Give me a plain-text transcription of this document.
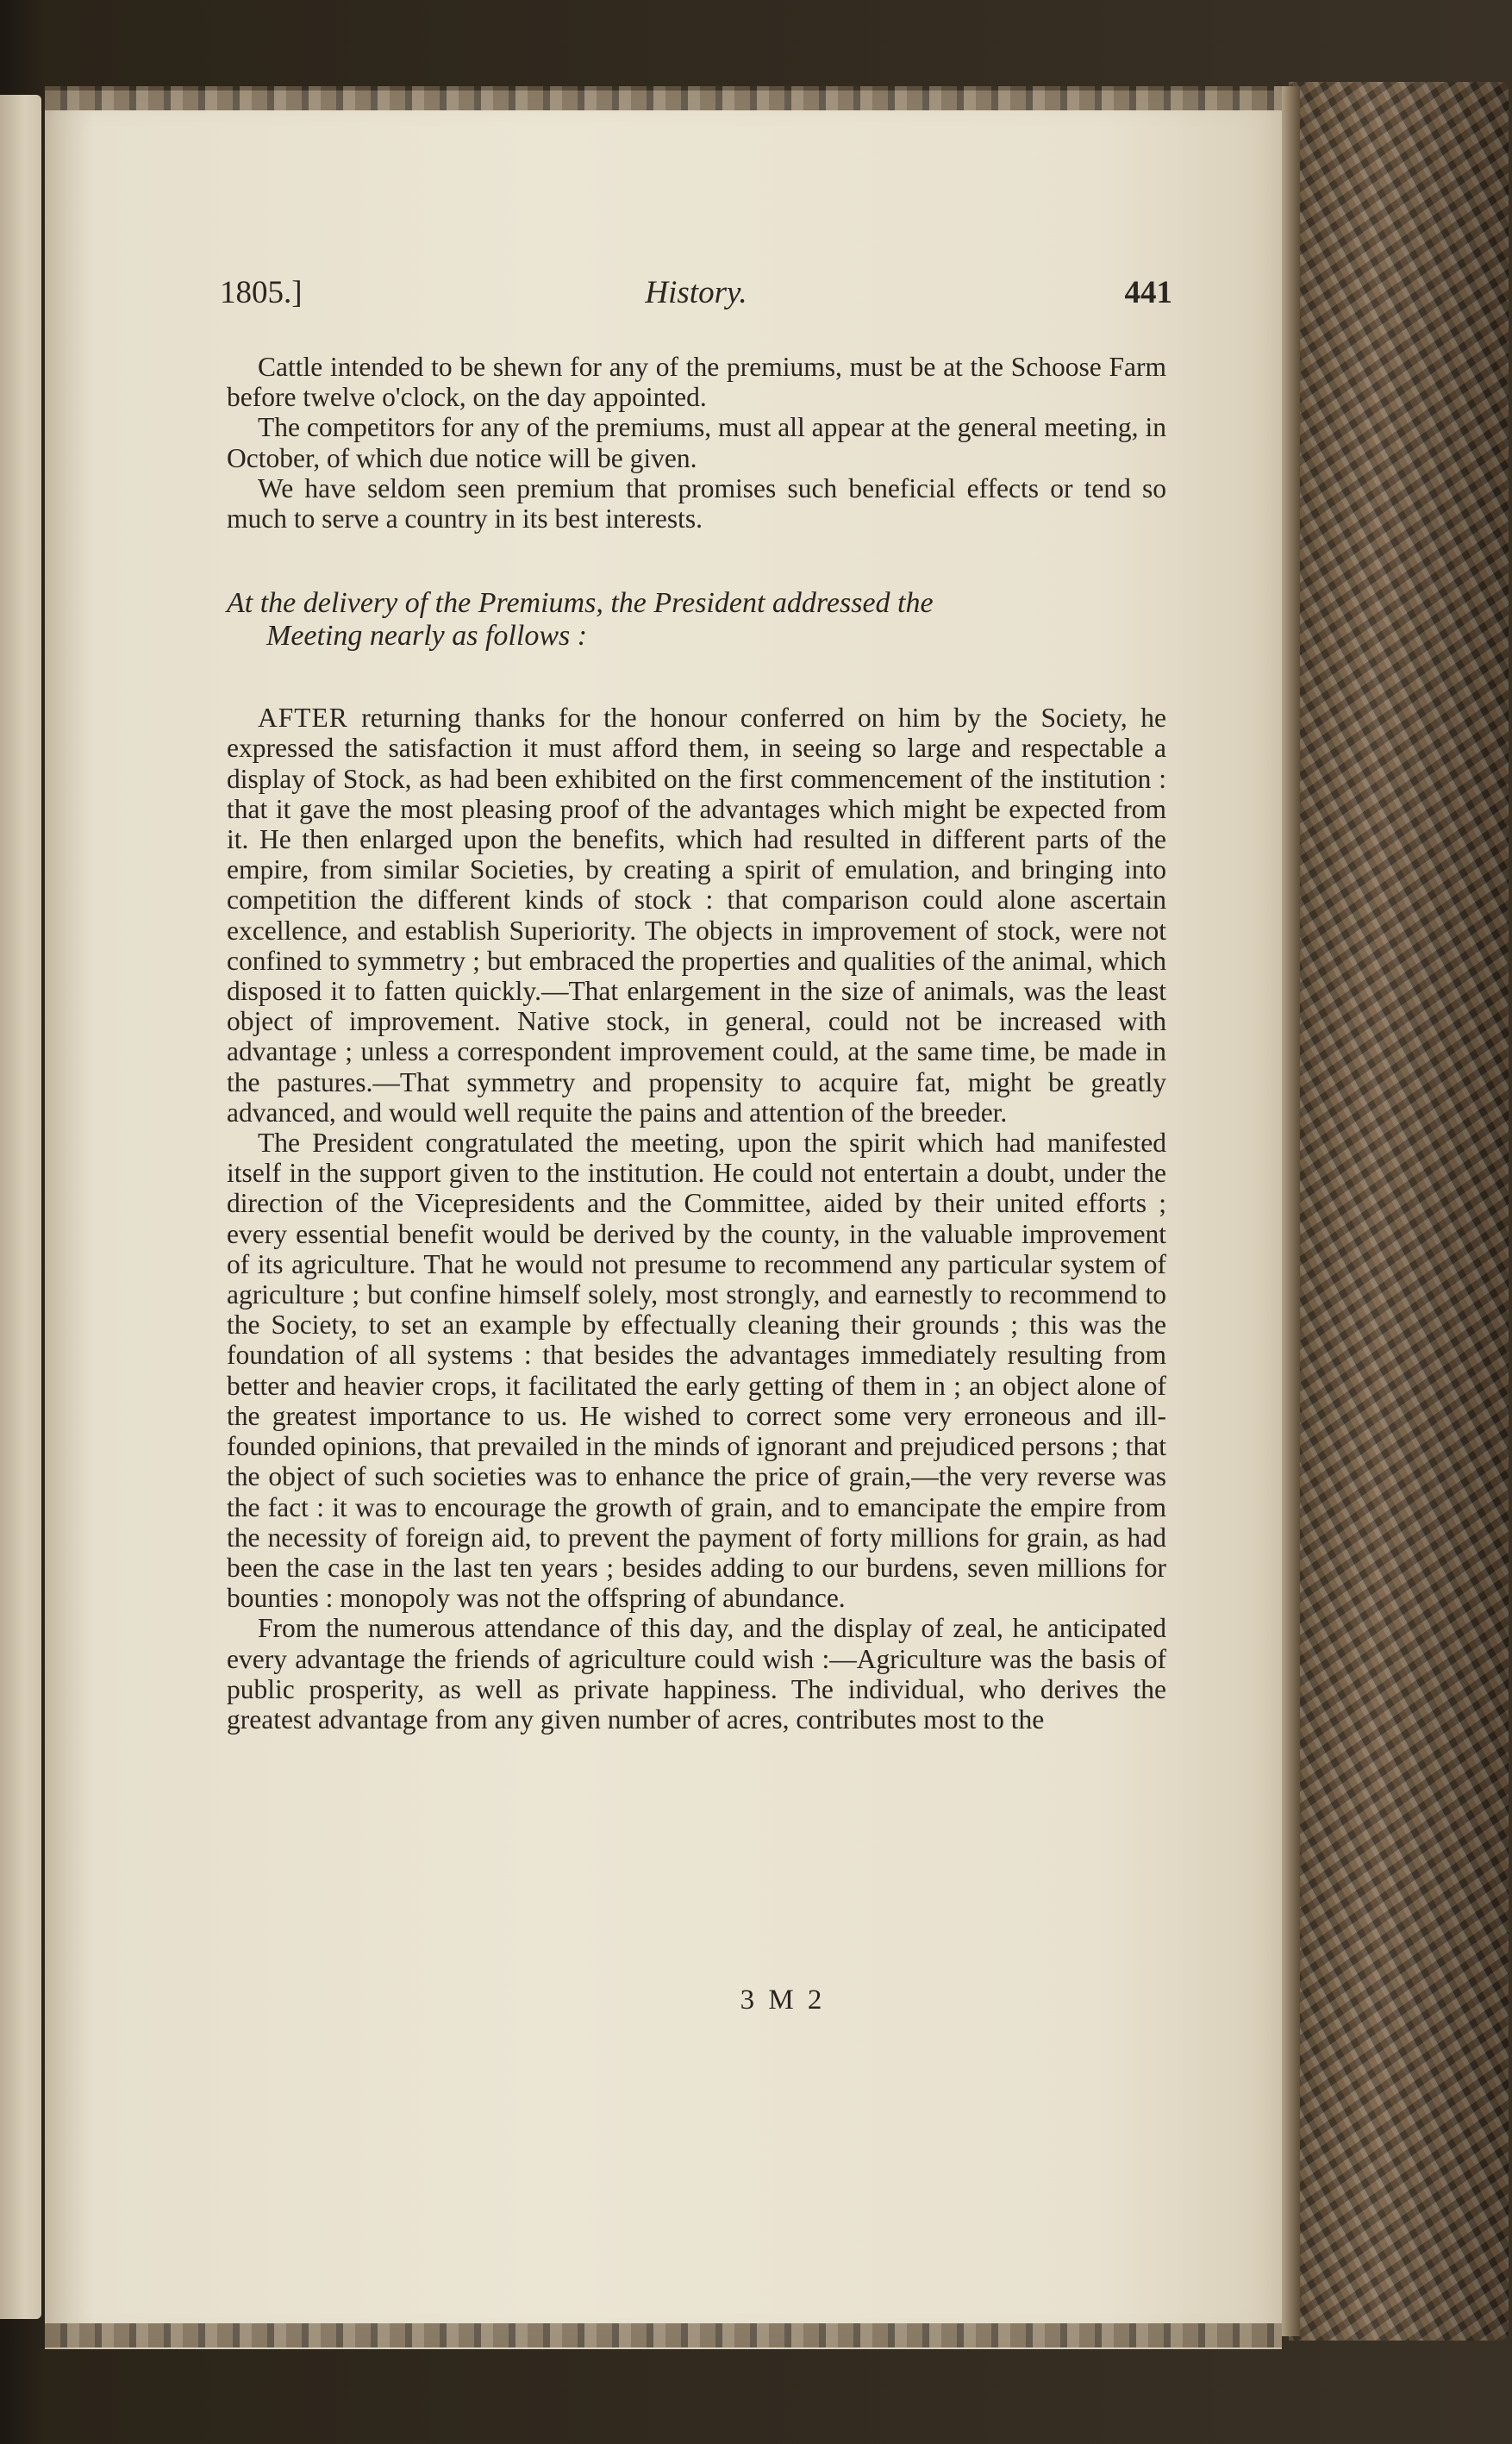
1805.]	History.	441

Cattle intended to be shewn for any of the premiums, must be at the Schoose Farm before twelve o'clock, on the day appointed.

The competitors for any of the premiums, must all appear at the general meeting, in October, of which due notice will be given.

We have seldom seen premium that promises such beneficial effects or tend so much to serve a country in its best interests.

At the delivery of the Premiums, the President addressed the
Meeting nearly as follows :

AFTER returning thanks for the honour conferred on him by the Society, he expressed the satisfaction it must afford them, in seeing so large and respectable a display of Stock, as had been exhibited on the first commencement of the institution : that it gave the most pleasing proof of the advantages which might be expected from it. He then enlarged upon the benefits, which had resulted in different parts of the empire, from similar Societies, by creating a spirit of emulation, and bringing into competition the different kinds of stock : that comparison could alone ascertain excellence, and establish Superiority. The objects in improvement of stock, were not confined to symmetry ; but embraced the properties and qualities of the animal, which disposed it to fatten quickly.—That enlargement in the size of animals, was the least object of improvement. Native stock, in general, could not be increased with advantage ; unless a correspondent improvement could, at the same time, be made in the pastures.—That symmetry and propensity to acquire fat, might be greatly advanced, and would well requite the pains and attention of the breeder.

The President congratulated the meeting, upon the spirit which had manifested itself in the support given to the institution. He could not entertain a doubt, under the direction of the Vicepresidents and the Committee, aided by their united efforts ; every essential benefit would be derived by the county, in the valuable improvement of its agriculture. That he would not presume to recommend any particular system of agriculture ; but confine himself solely, most strongly, and earnestly to recommend to the Society, to set an example by effectually cleaning their grounds ; this was the foundation of all systems : that besides the advantages immediately resulting from better and heavier crops, it facilitated the early getting of them in ; an object alone of the greatest importance to us. He wished to correct some very erroneous and ill-founded opinions, that prevailed in the minds of ignorant and prejudiced persons ; that the object of such societies was to enhance the price of grain,—the very reverse was the fact : it was to encourage the growth of grain, and to emancipate the empire from the necessity of foreign aid, to prevent the payment of forty millions for grain, as had been the case in the last ten years ; besides adding to our burdens, seven millions for bounties : monopoly was not the offspring of abundance.

From the numerous attendance of this day, and the display of zeal, he anticipated every advantage the friends of agriculture could wish :—Agriculture was the basis of public prosperity, as well as private happiness. The individual, who derives the greatest advantage from any given number of acres, contributes most to the

3 M 2
